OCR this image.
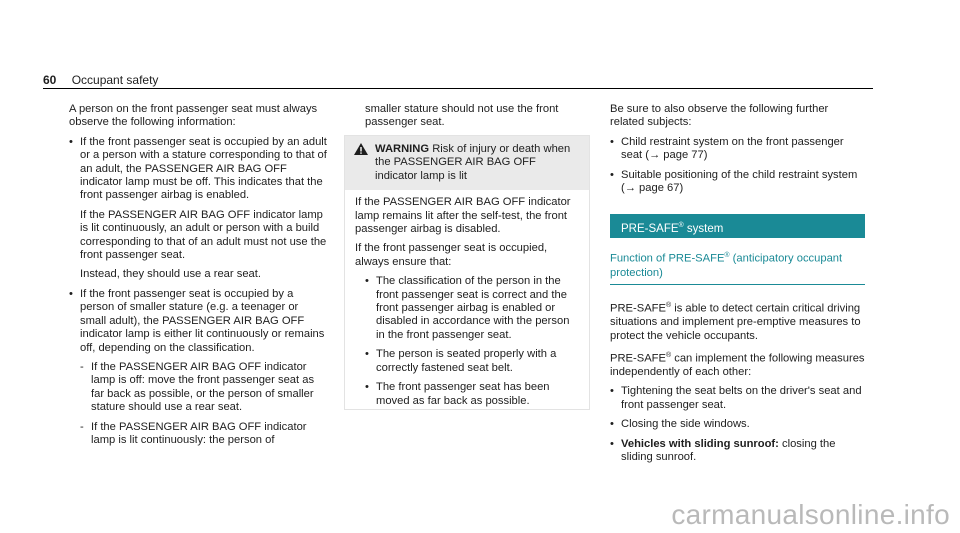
60 Occupant safety

A person on the front passenger seat must always observe the following information:

• If the front passenger seat is occupied by an adult or a person with a stature corresponding to that of an adult, the PASSENGER AIR BAG OFF indicator lamp must be off. This indicates that the front passenger airbag is enabled.
If the PASSENGER AIR BAG OFF indicator lamp is lit continuously, an adult or person with a build corresponding to that of an adult must not use the front passenger seat.
Instead, they should use a rear seat.
• If the front passenger seat is occupied by a person of smaller stature (e.g. a teenager or small adult), the PASSENGER AIR BAG OFF indicator lamp is either lit continuously or remains off, depending on the classification.
- If the PASSENGER AIR BAG OFF indicator lamp is off: move the front passenger seat as far back as possible, or the person of smaller stature should use a rear seat.
- If the PASSENGER AIR BAG OFF indicator lamp is lit continuously: the person of
smaller stature should not use the front passenger seat.
WARNING Risk of injury or death when the PASSENGER AIR BAG OFF indicator lamp is lit

If the PASSENGER AIR BAG OFF indicator lamp remains lit after the self-test, the front passenger airbag is disabled.

If the front passenger seat is occupied, always ensure that:

• The classification of the person in the front passenger seat is correct and the front passenger airbag is enabled or disabled in accordance with the person in the front passenger seat.
• The person is seated properly with a correctly fastened seat belt.
• The front passenger seat has been moved as far back as possible.

Be sure to also observe the following further related subjects:

• Child restraint system on the front passenger seat (→ page 77)
• Suitable positioning of the child restraint system (→ page 67)
PRE-SAFE® system
Function of PRE-SAFE® (anticipatory occupant protection)

PRE-SAFE® is able to detect certain critical driving situations and implement pre-emptive measures to protect the vehicle occupants.

PRE-SAFE® can implement the following measures independently of each other:

• Tightening the seat belts on the driver's seat and front passenger seat.
• Closing the side windows.
• Vehicles with sliding sunroof: closing the sliding sunroof.
carmanualsonline.info
